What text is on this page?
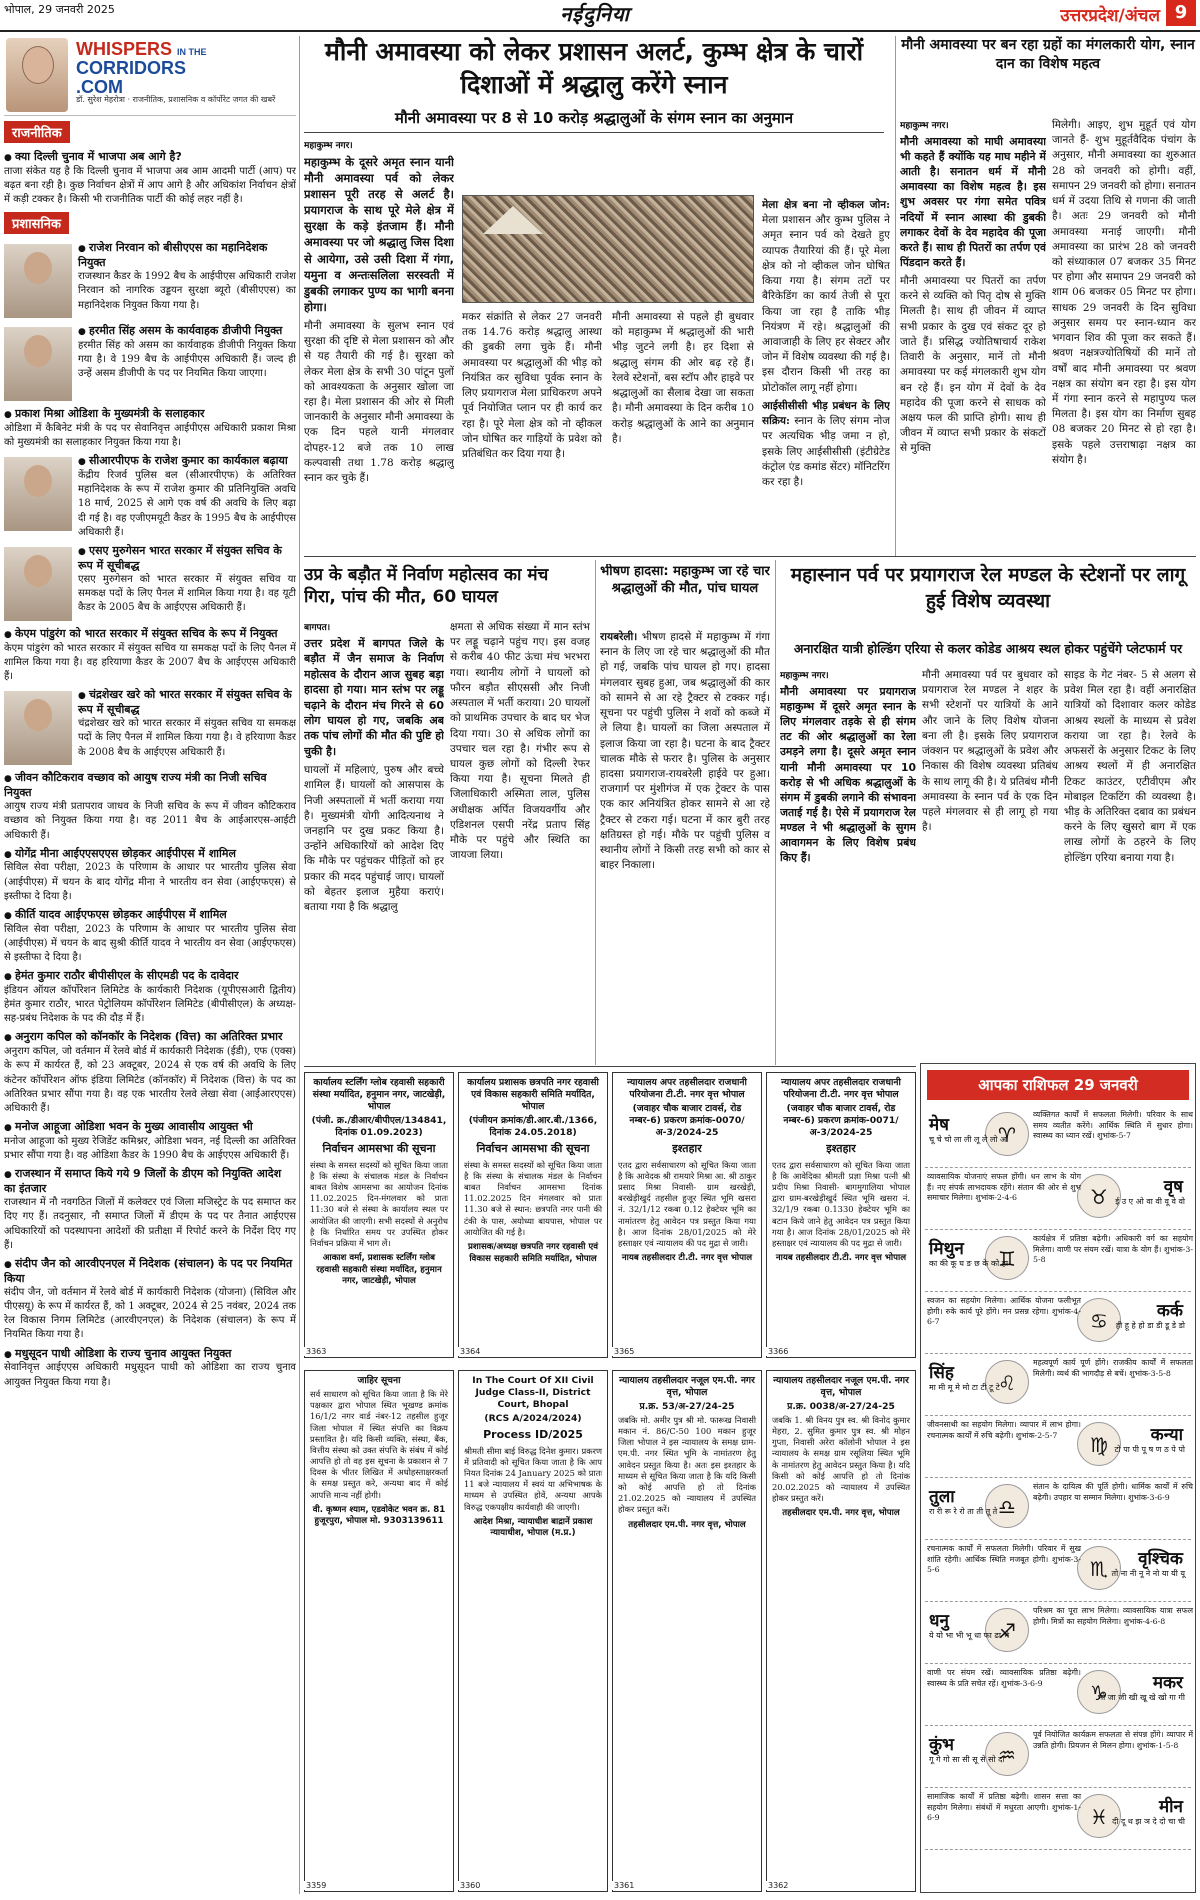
भोपाल, 29 जनवरी 2025	नईदुनिया	उत्तरप्रदेश/अंचल 9
WHISPERS IN THE
CORRIDORS
.COM
डॉ. सुरेश मेहरोत्रा · राजनीतिक, प्रशासनिक व कॉर्पोरेट जगत की खबरें
राजनीतिक
● क्या दिल्ली चुनाव में भाजपा अब आगे है?
ताजा संकेत यह है कि दिल्ली चुनाव में भाजपा अब आम आदमी पार्टी (आप) पर बढ़त बना रही है। कुछ निर्वाचन क्षेत्रों में आप आगे है और अधिकांश निर्वाचन क्षेत्रों में कड़ी टक्कर है। किसी भी राजनीतिक पार्टी की कोई लहर नहीं है।
प्रशासनिक
● राजेश निरवान को बीसीएएस का महानिदेशक नियुक्त
राजस्थान कैडर के 1992 बैच के आईपीएस अधिकारी राजेश निरवान को नागरिक उड्डयन सुरक्षा ब्यूरो (बीसीएएस) का महानिदेशक नियुक्त किया गया है।
● हरमीत सिंह असम के कार्यवाहक डीजीपी नियुक्त
हरमीत सिंह को असम का कार्यवाहक डीजीपी नियुक्त किया गया है। वे 199 बैच के आईपीएस अधिकारी हैं। जल्द ही उन्हें असम डीजीपी के पद पर नियमित किया जाएगा।
● प्रकाश मिश्रा ओडिशा के मुख्यमंत्री के सलाहकार
ओडिशा में कैबिनेट मंत्री के पद पर सेवानिवृत्त आईपीएस अधिकारी प्रकाश मिश्रा को मुख्यमंत्री का सलाहकार नियुक्त किया गया है।
● सीआरपीएफ के राजेश कुमार का कार्यकाल बढ़ाया
केंद्रीय रिजर्व पुलिस बल (सीआरपीएफ) के अतिरिक्त महानिदेशक के रूप में राजेश कुमार की प्रतिनियुक्ति अवधि 18 मार्च, 2025 से आगे एक वर्ष की अवधि के लिए बढ़ा दी गई है। वह एजीएमयूटी कैडर के 1995 बैच के आईपीएस अधिकारी हैं।
● एसए मुरुगेसन भारत सरकार में संयुक्त सचिव के रूप में सूचीबद्ध
एसए मुरुगेसन को भारत सरकार में संयुक्त सचिव या समकक्ष पदों के लिए पैनल में शामिल किया गया है। वह यूटी कैडर के 2005 बैच के आईएएस अधिकारी हैं।
● केएम पांडुरंग को भारत सरकार में संयुक्त सचिव के रूप में नियुक्त
केएम पांडुरंग को भारत सरकार में संयुक्त सचिव या समकक्ष पदों के लिए पैनल में शामिल किया गया है। वह हरियाणा कैडर के 2007 बैच के आईएएस अधिकारी हैं।
● चंद्रशेखर खरे को भारत सरकार में संयुक्त सचिव के रूप में सूचीबद्ध
चंद्रशेखर खरे को भारत सरकार में संयुक्त सचिव या समकक्ष पदों के लिए पैनल में शामिल किया गया है। वे हरियाणा कैडर के 2008 बैच के आईएएस अधिकारी हैं।
● जीवन कौटिकराव वच्छाव को आयुष राज्य मंत्री का निजी सचिव नियुक्त
आयुष राज्य मंत्री प्रतापराव जाधव के निजी सचिव के रूप में जीवन कौटिकराव वच्छाव को नियुक्त किया गया है। वह 2011 बैच के आईआरएस-आईटी अधिकारी हैं।
● योगेंद्र मीना आईएएसएएस छोड़कर आईपीएस में शामिल
सिविल सेवा परीक्षा, 2023 के परिणाम के आधार पर भारतीय पुलिस सेवा (आईपीएस) में चयन के बाद योगेंद्र मीना ने भारतीय वन सेवा (आईएफएस) से इस्तीफा दे दिया है।
● कीर्ति यादव आईएफएस छोड़कर आईपीएस में शामिल
सिविल सेवा परीक्षा, 2023 के परिणाम के आधार पर भारतीय पुलिस सेवा (आईपीएस) में चयन के बाद सुश्री कीर्ति यादव ने भारतीय वन सेवा (आईएफएस) से इस्तीफा दे दिया है।
● हेमंत कुमार राठौर बीपीसीएल के सीएमडी पद के दावेदार
इंडियन ऑयल कॉर्पोरेशन लिमिटेड के कार्यकारी निदेशक (यूपीएसआरी द्वितीय) हेमंत कुमार राठौर, भारत पेट्रोलियम कॉर्पोरेशन लिमिटेड (बीपीसीएल) के अध्यक्ष-सह-प्रबंध निदेशक के पद की दौड़ में हैं।
● अनुराग कपिल को कॉनकॉर के निदेशक (वित्त) का अतिरिक्त प्रभार
अनुराग कपिल, जो वर्तमान में रेलवे बोर्ड में कार्यकारी निदेशक (ईडी), एफ (एक्स) के रूप में कार्यरत हैं, को 23 अक्टूबर, 2024 से एक वर्ष की अवधि के लिए कंटेनर कॉर्पोरेशन ऑफ इंडिया लिमिटेड (कॉनकॉर) में निदेशक (वित्त) के पद का अतिरिक्त प्रभार सौंपा गया है। वह एक भारतीय रेलवे लेखा सेवा (आईआरएएस) अधिकारी हैं।
● मनोज आहूजा ओडिशा भवन के मुख्य आवासीय आयुक्त भी
मनोज आहूजा को मुख्य रेजिडेंट कमिश्नर, ओडिशा भवन, नई दिल्ली का अतिरिक्त प्रभार सौंपा गया है। वह ओडिशा कैडर के 1990 बैच के आईएएस अधिकारी हैं।
● राजस्थान में समाप्त किये गये 9 जिलों के डीएम को नियुक्ति आदेश का इंतजार
राजस्थान में नौ नवगठित जिलों में कलेक्टर एवं जिला मजिस्ट्रेट के पद समाप्त कर दिए गए हैं। तदनुसार, नौ समाप्त जिलों में डीएम के पद पर तैनात आईएएस अधिकारियों को पदस्थापना आदेशों की प्रतीक्षा में रिपोर्ट करने के निर्देश दिए गए हैं।
● संदीप जैन को आरवीएनएल में निदेशक (संचालन) के पद पर नियमित किया
संदीप जैन, जो वर्तमान में रेलवे बोर्ड में कार्यकारी निदेशक (योजना) (सिविल और पीएसयू) के रूप में कार्यरत हैं, को 1 अक्टूबर, 2024 से 25 नवंबर, 2024 तक रेल विकास निगम लिमिटेड (आरवीएनएल) के निदेशक (संचालन) के रूप में नियमित किया गया है।
● मधुसूदन पाधी ओडिशा के राज्य चुनाव आयुक्त नियुक्त
सेवानिवृत्त आईएएस अधिकारी मधुसूदन पाधी को ओडिशा का राज्य चुनाव आयुक्त नियुक्त किया गया है।
मौनी अमावस्या को लेकर प्रशासन अलर्ट, कुम्भ क्षेत्र के चारों दिशाओं में श्रद्धालु करेंगे स्नान
मौनी अमावस्या पर 8 से 10 करोड़ श्रद्धालुओं के संगम स्नान का अनुमान
महाकुम्भ नगर।
महाकुम्भ के दूसरे अमृत स्नान यानी मौनी अमावस्या पर्व को लेकर प्रशासन पूरी तरह से अलर्ट है। प्रयागराज के साथ पूरे मेले क्षेत्र में सुरक्षा के कड़े इंतजाम हैं। मौनी अमावस्या पर जो श्रद्धालु जिस दिशा से आयेगा, उसे उसी दिशा में गंगा, यमुना व अन्तःसलिला सरस्वती में डुबकी लगाकर पुण्य का भागी बनना होगा।
मौनी अमावस्या के सुलभ स्नान एवं सुरक्षा की दृष्टि से मेला प्रशासन को और से यह तैयारी की गई है। सुरक्षा को लेकर मेला क्षेत्र के सभी 30 पांटून पुलों को आवश्यकता के अनुसार खोला जा रहा है। मेला प्रशासन की ओर से मिली जानकारी के अनुसार मौनी अमावस्या के एक दिन पहले यानी मंगलवार दोपहर-12 बजे तक 10 लाख कल्पवासी तथा 1.78 करोड़ श्रद्धालु स्नान कर चुके हैं।
मकर संक्रांति से लेकर 27 जनवरी तक 14.76 करोड़ श्रद्धालु आस्था की डुबकी लगा चुके हैं। मौनी अमावस्या पर श्रद्धालुओं की भीड़ को नियंत्रित कर सुविधा पूर्वक स्नान के लिए प्रयागराज मेला प्राधिकरण अपने पूर्व नियोजित प्लान पर ही कार्य कर रहा है। पूरे मेला क्षेत्र को नो व्हीकल जोन घोषित कर गाड़ियों के प्रवेश को प्रतिबंधित कर दिया गया है।
मौनी अमावस्या से पहले ही बुधवार को महाकुम्भ में श्रद्धालुओं की भारी भीड़ जुटने लगी है। हर दिशा से श्रद्धालु संगम की ओर बढ़ रहे हैं। रेलवे स्टेशनों, बस स्टॉप और हाइवे पर श्रद्धालुओं का सैलाब देखा जा सकता है। मौनी अमावस्या के दिन करीब 10 करोड़ श्रद्धालुओं के आने का अनुमान है।
मेला क्षेत्र बना नो व्हीकल जोन: मेला प्रशासन और कुम्भ पुलिस ने अमृत स्नान पर्व को देखते हुए व्यापक तैयारियां की हैं। पूरे मेला क्षेत्र को नो व्हीकल जोन घोषित किया गया है। संगम तटों पर बैरिकेडिंग का कार्य तेजी से पूरा किया जा रहा है ताकि भीड़ नियंत्रण में रहे। श्रद्धालुओं की आवाजाही के लिए हर सेक्टर और जोन में विशेष व्यवस्था की गई है। इस दौरान किसी भी तरह का प्रोटोकॉल लागू नहीं होगा।
आईसीसीसी भीड़ प्रबंधन के लिए सक्रिय: स्नान के लिए संगम नोज पर अत्यधिक भीड़ जमा न हो, इसके लिए आईसीसीसी (इंटीग्रेटेड कंट्रोल एंड कमांड सेंटर) मॉनिटरिंग कर रहा है।
मौनी अमावस्या पर बन रहा ग्रहों का मंगलकारी योग, स्नान दान का विशेष महत्व
महाकुम्भ नगर।
मौनी अमावस्या को माघी अमावस्या भी कहते हैं क्योंकि यह माघ महीने में आती है। सनातन धर्म में मौनी अमावस्या का विशेष महत्व है। इस शुभ अवसर पर गंगा समेत पवित्र नदियों में स्नान आस्था की डुबकी लगाकर देवों के देव महादेव की पूजा करते हैं। साथ ही पितरों का तर्पण एवं पिंडदान करते हैं।
मौनी अमावस्या पर पितरों का तर्पण करने से व्यक्ति को पितृ दोष से मुक्ति मिलती है। साथ ही जीवन में व्याप्त सभी प्रकार के दुख एवं संकट दूर हो जाते हैं। प्रसिद्ध ज्योतिषाचार्य राकेश तिवारी के अनुसार, मानें तो मौनी अमावस्या पर कई मंगलकारी शुभ योग बन रहे हैं। इन योग में देवों के देव महादेव की पूजा करने से साधक को अक्षय फल की प्राप्ति होगी। साथ ही जीवन में व्याप्त सभी प्रकार के संकटों से मुक्ति
मिलेगी। आइए, शुभ मुहूर्त एवं योग जानते हैं- शुभ मुहूर्तवैदिक पंचांग के अनुसार, मौनी अमावस्या का शुरुआत 28 को जनवरी को होगी। वहीं, समापन 29 जनवरी को होगा। सनातन धर्म में उदया तिथि से गणना की जाती है। अतः 29 जनवरी को मौनी अमावस्या मनाई जाएगी। मौनी अमावस्या का प्रारंभ 28 को जनवरी को संध्याकाल 07 बजकर 35 मिनट पर होगा और समापन 29 जनवरी को शाम 06 बजकर 05 मिनट पर होगा। साधक 29 जनवरी के दिन सुविधा अनुसार समय पर स्नान-ध्यान कर भगवान शिव की पूजा कर सकते हैं। श्रवण नक्षत्रज्योतिषियों की मानें तो वर्षों बाद मौनी अमावस्या पर श्रवण नक्षत्र का संयोग बन रहा है। इस योग में गंगा स्नान करने से महापुण्य फल मिलता है। इस योग का निर्माण सुबह 08 बजकर 20 मिनट से हो रहा है। इसके पहले उत्तराषाढ़ा नक्षत्र का संयोग है।
उप्र के बड़ौत में निर्वाण महोत्सव का मंच गिरा, पांच की मौत, 60 घायल
बागपत।
उत्तर प्रदेश में बागपत जिले के बड़ौत में जैन समाज के निर्वाण महोत्सव के दौरान आज सुबह बड़ा हादसा हो गया। मान स्तंभ पर लड्डू चढ़ाने के दौरान मंच गिरने से 60 लोग घायल हो गए, जबकि अब तक पांच लोगों की मौत की पुष्टि हो चुकी है।
घायलों में महिलाएं, पुरुष और बच्चे शामिल हैं। घायलों को आसपास के निजी अस्पतालों में भर्ती कराया गया है। मुख्यमंत्री योगी आदित्यनाथ ने जनहानि पर दुख प्रकट किया है। उन्होंने अधिकारियों को आदेश दिए कि मौके पर पहुंचकर पीड़ितों को हर प्रकार की मदद पहुंचाई जाए। घायलों को बेहतर इलाज मुहैया कराएं। बताया गया है कि श्रद्धालु
क्षमता से अधिक संख्या में मान स्तंभ पर लड्डू चढ़ाने पहुंच गए। इस वजह से करीब 40 फीट ऊंचा मंच भरभरा गया। स्थानीय लोगों ने घायलों को फौरन बड़ौत सीएससी और निजी अस्पताल में भर्ती कराया। 20 घायलों को प्राथमिक उपचार के बाद घर भेज दिया गया। 30 से अधिक लोगों का उपचार चल रहा है। गंभीर रूप से घायल कुछ लोगों को दिल्ली रेफर किया गया है। सूचना मिलते ही जिलाधिकारी अस्मिता लाल, पुलिस अधीक्षक अर्पित विजयवर्गीय और एडिशनल एसपी नरेंद्र प्रताप सिंह मौके पर पहुंचे और स्थिति का जायजा लिया।
भीषण हादसा: महाकुम्भ जा रहे चार श्रद्धालुओं की मौत, पांच घायल
रायबरेली। भीषण हादसे में महाकुम्भ में गंगा स्नान के लिए जा रहे चार श्रद्धालुओं की मौत हो गई, जबकि पांच घायल हो गए। हादसा मंगलवार सुबह हुआ, जब श्रद्धालुओं की कार को सामने से आ रहे ट्रैक्टर से टक्कर गई। सूचना पर पहुंची पुलिस ने शवों को कब्जे में ले लिया है। घायलों का जिला अस्पताल में इलाज किया जा रहा है। घटना के बाद ट्रैक्टर चालक मौके से फरार है। पुलिस के अनुसार हादसा प्रयागराज-रायबरेली हाईवे पर हुआ। राजगार्ग पर मुंशीगंज में एक ट्रेक्टर के पास एक कार अनियंत्रित होकर सामने से आ रहे ट्रैक्टर से टकरा गई। घटना में कार बुरी तरह क्षतिग्रस्त हो गई। मौके पर पहुंची पुलिस व स्थानीय लोगों ने किसी तरह सभी को कार से बाहर निकाला।
महास्नान पर्व पर प्रयागराज रेल मण्डल के स्टेशनों पर लागू हुई विशेष व्यवस्था
अनारक्षित यात्री होल्डिंग एरिया से कलर कोडेड आश्रय स्थल होकर पहुंचेंगे प्लेटफार्म पर
महाकुम्भ नगर।
मौनी अमावस्या पर प्रयागराज महाकुम्भ में दूसरे अमृत स्नान के लिए मंगलवार तड़के से ही संगम तट की ओर श्रद्धालुओं का रेला उमड़ने लगा है। दूसरे अमृत स्नान यानी मौनी अमावस्या पर 10 करोड़ से भी अधिक श्रद्धालुओं के संगम में डुबकी लगाने की संभावना जताई गई है। ऐसे में प्रयागराज रेल मण्डल ने भी श्रद्धालुओं के सुगम आवागमन के लिए विशेष प्रबंध किए हैं।
मौनी अमावस्या पर्व पर बुधवार को प्रयागराज रेल मण्डल ने शहर के सभी स्टेशनों पर यात्रियों के आने और जाने के लिए विशेष योजना बना ली है। इसके लिए प्रयागराज जंक्शन पर श्रद्धालुओं के प्रवेश और निकास की विशेष व्यवस्था प्रतिबंध के साथ लागू की है। ये प्रतिबंध मौनी अमावस्या के स्नान पर्व के एक दिन पहले मंगलवार से ही लागू हो गया है।
साइड के गेट नंबर- 5 से अलग से प्रवेश मिल रहा है। वहीं अनारक्षित यात्रियों को दिशावार कलर कोडेड आश्रय स्थलों के माध्यम से प्रवेश कराया जा रहा है। रेलवे के अफसरों के अनुसार टिकट के लिए आश्रय स्थलों में ही अनारक्षित टिकट काउंटर, एटीवीएम और मोबाइल टिकटिंग की व्यवस्था है। भीड़ के अतिरिक्त दबाव का प्रबंधन करने के लिए खुसरो बाग में एक लाख लोगों के ठहरने के लिए होल्डिंग एरिया बनाया गया है।
कार्यालय स्टर्लिंग ग्लोब रहवासी सहकारी संस्था मर्यादित, हनुमान नगर, जाटखेड़ी, भोपाल
(पंजी. क्र./डीआर/बीपीएल/134841, दिनांक 01.09.2023)
निर्वाचन आमसभा की सूचना
संस्था के समस्त सदस्यों को सूचित किया जाता है कि संस्था के संचालक मंडल के निर्वाचन बाबत विशेष आमसभा का आयोजन दिनांक 11.02.2025 दिन-मंगलवार को प्रातः 11:30 बजे से संस्था के कार्यालय स्थल पर आयोजित की जाएगी। सभी सदस्यों से अनुरोध है कि निर्धारित समय पर उपस्थित होकर निर्वाचन प्रक्रिया में भाग लें।
आकाश वर्मा, प्रशासक स्टर्लिंग ग्लोब रहवासी सहकारी संस्था मर्यादित, हनुमान नगर, जाटखेड़ी, भोपाल
3363
कार्यालय प्रशासक छत्रपति नगर रहवासी एवं विकास सहकारी समिति मर्यादित, भोपाल
(पंजीयन क्रमांक/डी.आर.बी./1366, दिनांक 24.05.2018)
निर्वाचन आमसभा की सूचना
संस्था के समस्त सदस्यों को सूचित किया जाता है कि संस्था के संचालक मंडल के निर्वाचन बाबत निर्वाचन आमसभा दिनांक 11.02.2025 दिन मंगलवार को प्रातः 11.30 बजे से स्थान: छत्रपति नगर पानी की टंकी के पास, अयोध्या बायपास, भोपाल पर आयोजित की गई है।
प्रशासक/अध्यक्ष छत्रपति नगर रहवासी एवं विकास सहकारी समिति मर्यादित, भोपाल
3364
न्यायालय अपर तहसीलदार राजधानी परियोजना टी.टी. नगर वृत्त भोपाल
(जवाहर चौक बाजार टावर्स, रोड नम्बर-6) प्रकरण क्रमांक-0070/अ-3/2024-25
इश्तहार
एतद द्वारा सर्वसाधारण को सूचित किया जाता है कि आवेदक श्री रामयारे मिश्रा आ. श्री ठाकुर प्रसाद मिश्रा निवासी- ग्राम खरखेड़ी, बरखेड़ीखुर्द तहसील हुजूर स्थित भूमि खसरा नं. 32/1/12 रकबा 0.12 हेक्टेयर भूमि का नामांतरण हेतु आवेदन पत्र प्रस्तुत किया गया है। आज दिनांक 28/01/2025 को मेरे हस्ताक्षर एवं न्यायालय की पद मुद्रा से जारी।
नायब तहसीलदार टी.टी. नगर वृत्त भोपाल
3365
न्यायालय अपर तहसीलदार राजधानी परियोजना टी.टी. नगर वृत्त भोपाल
(जवाहर चौक बाजार टावर्स, रोड नम्बर-6) प्रकरण क्रमांक-0071/अ-3/2024-25
इश्तहार
एतद द्वारा सर्वसाधारण को सूचित किया जाता है कि आवेदिका श्रीमती प्रज्ञा मिश्रा पत्नी श्री प्रदीप मिश्रा निवासी- बागमुगालिया भोपाल द्वारा ग्राम-बरखेड़ीखुर्द स्थित भूमि खसरा नं. 32/1/9 रकबा 0.1330 हेक्टेयर भूमि का बटान किये जाने हेतु आवेदन पत्र प्रस्तुत किया गया है। आज दिनांक 28/01/2025 को मेरे हस्ताक्षर एवं न्यायालय की पद मुद्रा से जारी।
नायब तहसीलदार टी.टी. नगर वृत्त भोपाल
3366
जाहिर सूचना
सर्व साधारण को सूचित किया जाता है कि मेरे पक्षकार द्वारा भोपाल स्थित भूखण्ड क्रमांक 16/1/2 नगर वार्ड नंबर-12 तहसील हुजूर जिला भोपाल में स्थित संपत्ति का विक्रय प्रस्तावित है। यदि किसी व्यक्ति, संस्था, बैंक, वित्तीय संस्था को उक्त संपत्ति के संबंध में कोई आपत्ति हो तो वह इस सूचना के प्रकाशन से 7 दिवस के भीतर लिखित में अधोहस्ताक्षरकर्ता के समक्ष प्रस्तुत करे, अन्यथा बाद में कोई आपत्ति मान्य नहीं होगी।
वी. कृष्णन श्याम, एडवोकेट भवन क्र. 81 हुजूरपुरा, भोपाल मो. 9303139611
3359
In The Court Of XII Civil Judge Class-II, District Court, Bhopal
(RCS A/2024/2024)
Process ID/2025
श्रीमती सीमा बाई विरुद्ध दिनेश कुमार। प्रकरण में प्रतिवादी को सूचित किया जाता है कि आप नियत दिनांक 24 January 2025 को प्रातः 11 बजे न्यायालय में स्वयं या अभिभाषक के माध्यम से उपस्थित होवें, अन्यथा आपके विरुद्ध एकपक्षीय कार्यवाही की जाएगी।
आदेश मिश्रा, न्यायाधीश बाद्रानें प्रकाश न्यायाधीश, भोपाल (म.प्र.)
3360
न्यायालय तहसीलदार नजूल एम.पी. नगर वृत्त, भोपाल
प्र.क्र. 53/अ-27/24-25
जबकि मो. अमीर पुत्र श्री मो. फारूख निवासी मकान नं. 86/C-50 100 मकान हुजूर जिला भोपाल ने इस न्यायालय के समक्ष ग्राम-एम.पी. नगर स्थित भूमि के नामांतरण हेतु आवेदन प्रस्तुत किया है। अतः इस इश्तहार के माध्यम से सूचित किया जाता है कि यदि किसी को कोई आपत्ति हो तो दिनांक 21.02.2025 को न्यायालय में उपस्थित होकर प्रस्तुत करें।
तहसीलदार एम.पी. नगर वृत्त, भोपाल
3361
न्यायालय तहसीलदार नजूल एम.पी. नगर वृत्त, भोपाल
प्र.क्र. 0038/अ-27/24-25
जबकि 1. श्री विनय पुत्र स्व. श्री विनोद कुमार मेहरा, 2. सुमित कुमार पुत्र स्व. श्री मोहन गुप्ता, निवासी अरेरा कॉलोनी भोपाल ने इस न्यायालय के समक्ष ग्राम रसूलिया स्थित भूमि के नामांतरण हेतु आवेदन प्रस्तुत किया है। यदि किसी को कोई आपत्ति हो तो दिनांक 20.02.2025 को न्यायालय में उपस्थित होकर प्रस्तुत करें।
तहसीलदार एम.पी. नगर वृत्त, भोपाल
3362
आपका राशिफल 29 जनवरी
मेष	♈
चू चे चो ला ली लू ले लो अ
व्यक्तिगत कार्यों में सफलता मिलेगी। परिवार के साथ समय व्यतीत करेंगे। आर्थिक स्थिति में सुधार होगा। स्वास्थ्य का ध्यान रखें। शुभांक-5-7
वृष
♉ ई उ ए ओ वा वी वू वे वो
व्यावसायिक योजनाएं सफल होंगी। धन लाभ के योग हैं। नए संपर्क लाभदायक रहेंगे। संतान की ओर से शुभ समाचार मिलेगा। शुभांक-2-4-6
मिथुन	♊
का की कू घ ङ छ के को हा
कार्यक्षेत्र में प्रतिष्ठा बढ़ेगी। अधिकारी वर्ग का सहयोग मिलेगा। वाणी पर संयम रखें। यात्रा के योग हैं। शुभांक-3-5-8
कर्क
♋ ही हू हे हो डा डी डू डे डो
स्वजन का सहयोग मिलेगा। आर्थिक योजना फलीभूत होगी। रुके कार्य पूरे होंगे। मन प्रसन्न रहेगा। शुभांक-4-6-7
सिंह	♌
मा मी मू मे मो टा टी टू टे
महत्वपूर्ण कार्य पूर्ण होंगे। राजकीय कार्यों में सफलता मिलेगी। व्यर्थ की भागदौड़ से बचें। शुभांक-3-5-8
कन्या
♍ टो पा पी पू ष ण ठ पे पो
जीवनसाथी का सहयोग मिलेगा। व्यापार में लाभ होगा। रचनात्मक कार्यों में रुचि बढ़ेगी। शुभांक-2-5-7
तुला	♎
रा री रू रे रो ता ती तू ते
संतान के दायित्व की पूर्ति होगी। धार्मिक कार्यों में रुचि बढ़ेगी। उपहार या सम्मान मिलेगा। शुभांक-3-6-9
वृश्चिक
♏ तो ना नी नू ने नो या यी यू
रचनात्मक कार्यों में सफलता मिलेगी। परिवार में सुख शांति रहेगी। आर्थिक स्थिति मजबूत होगी। शुभांक-3-5-6
धनु	♐
ये यो भा भी भू धा फा ढा भे
परिश्रम का पूरा लाभ मिलेगा। व्यावसायिक यात्रा सफल होगी। मित्रों का सहयोग मिलेगा। शुभांक-4-6-8
मकर
♑
भो जा जी खी खू खे खो गा गी
वाणी पर संयम रखें। व्यावसायिक प्रतिष्ठा बढ़ेगी। स्वास्थ्य के प्रति सचेत रहें। शुभांक-3-6-9
कुंभ	♒
गू गे गो सा सी सू से सो दा
पूर्व नियोजित कार्यक्रम सफलता से संपन्न होंगे। व्यापार में उन्नति होगी। प्रियजन से मिलन होगा। शुभांक-1-5-8
मीन
♓ दी दू थ झ ञ दे दो चा ची
सामाजिक कार्यों में प्रतिष्ठा बढ़ेगी। शासन सत्ता का सहयोग मिलेगा। संबंधों में मधुरता आएगी। शुभांक-1-6-9
